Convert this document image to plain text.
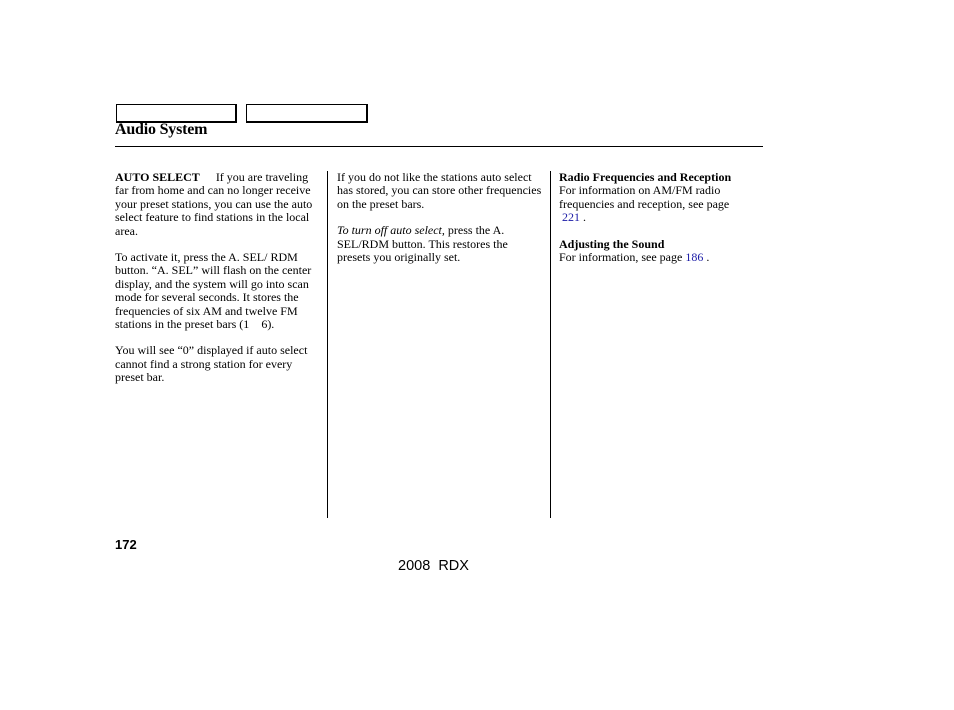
Audio System

AUTO SELECT If you are traveling far from home and can no longer receive your preset stations, you can use the auto select feature to find stations in the local area.

To activate it, press the A. SEL/ RDM button. “A. SEL” will flash on the center display, and the system will go into scan mode for several seconds. It stores the frequencies of six AM and twelve FM stations in the preset bars (1 6).

You will see “0” displayed if auto select cannot find a strong station for every preset bar.

If you do not like the stations auto select has stored, you can store other frequencies on the preset bars.

To turn off auto select, press the A. SEL/RDM button. This restores the presets you originally set.

Radio Frequencies and Reception

For information on AM/FM radio frequencies and reception, see page
221 .

Adjusting the Sound

For information, see page 186 .

172
2008  RDX
